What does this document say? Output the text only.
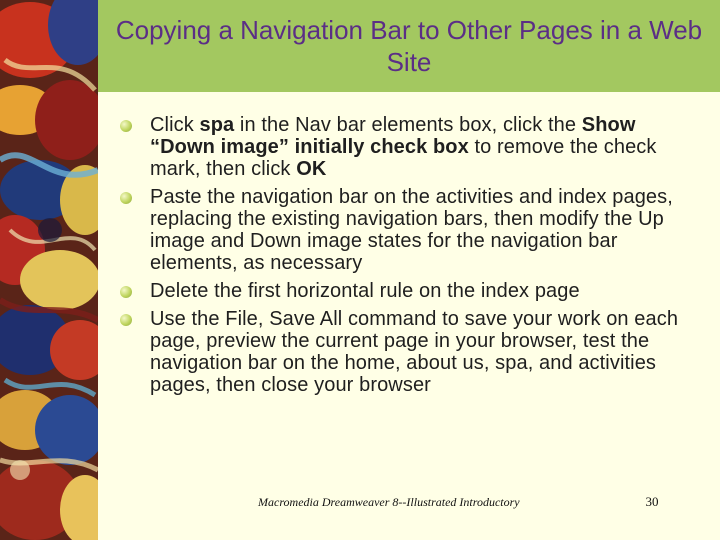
Copying a Navigation Bar to Other Pages in a Web Site
Click spa in the Nav bar elements box, click the Show “Down image” initially check box to remove the check mark, then click OK
Paste the navigation bar on the activities and index pages, replacing the existing navigation bars, then modify the Up image and Down image states for the navigation bar elements, as necessary
Delete the first horizontal rule on the index page
Use the File, Save All command to save your work on each page, preview the current page in your browser, test the navigation bar on the home, about us, spa, and activities pages, then close your browser
Macromedia Dreamweaver 8--Illustrated Introductory	30
